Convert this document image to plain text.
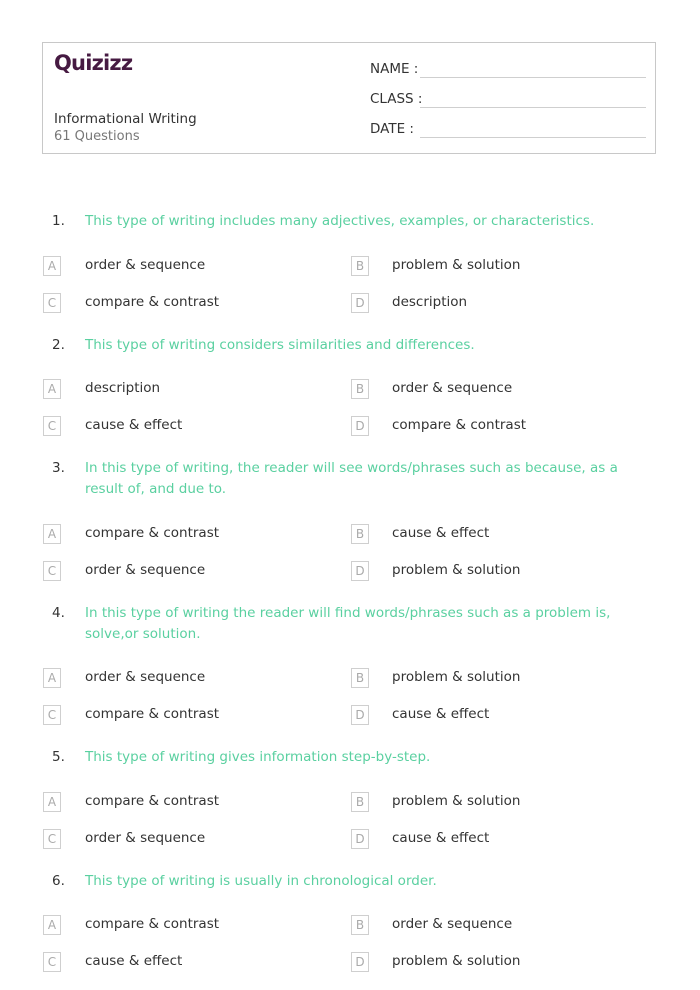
Quizizz
Informational Writing
61 Questions
NAME :
CLASS :
DATE :
1. This type of writing includes many adjectives, examples, or characteristics.
A	order & sequence	B	problem & solution
C	compare & contrast	D	description
2. This type of writing considers similarities and differences.
A	description	B	order & sequence
C	cause & effect	D	compare & contrast
3. In this type of writing, the reader will see words/phrases such as because, as a result of, and due to.
A	compare & contrast	B	cause & effect
C	order & sequence	D	problem & solution
4. In this type of writing the reader will find words/phrases such as a problem is, solve,or solution.
A	order & sequence	B	problem & solution
C	compare & contrast	D	cause & effect
5. This type of writing gives information step-by-step.
A	compare & contrast	B	problem & solution
C	order & sequence	D	cause & effect
6. This type of writing is usually in chronological order.
A	compare & contrast	B	order & sequence
C	cause & effect	D	problem & solution
